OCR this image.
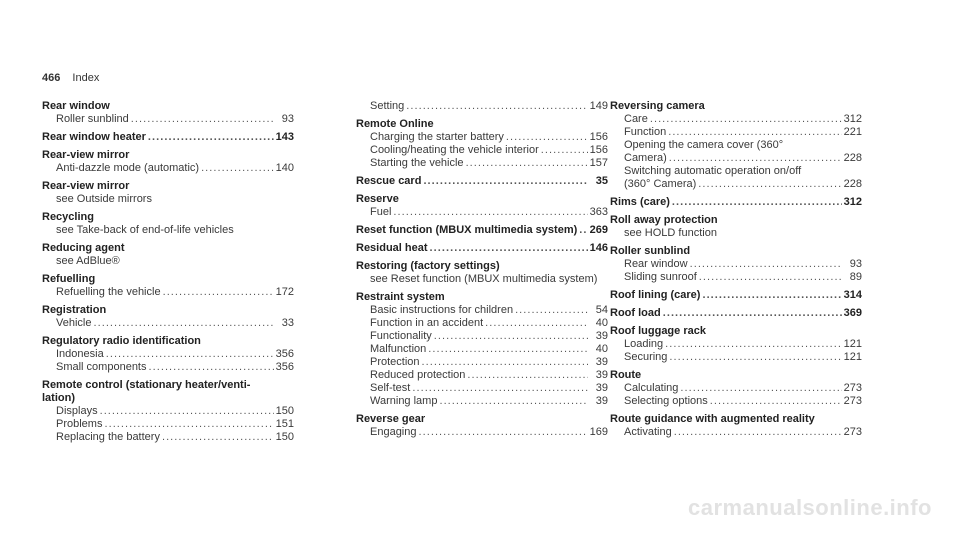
466 Index
Rear window
Roller sunblind . . .	93
Rear window heater . . .	143
Rear-view mirror
Anti-dazzle mode (automatic) . . .	140
Rear-view mirror
see Outside mirrors
Recycling
see Take-back of end-of-life vehicles
Reducing agent
see AdBlue®
Refuelling
Refuelling the vehicle . . .	172
Registration
Vehicle . . .	33
Regulatory radio identification
Indonesia . . .	356
Small components . . .	356
Remote control (stationary heater/venti-
lation)
Displays . . .	150
Problems . . .	151
Replacing the battery . . .	150
Setting . . .	149
Remote Online
Charging the starter battery . . .	156
Cooling/heating the vehicle interior . . .	156
Starting the vehicle . . .	157
Rescue card . . .	35
Reserve
Fuel . . .	363
Reset function (MBUX multimedia system) . . . 269
Residual heat . . .	146
Restoring (factory settings)
see Reset function (MBUX multimedia system)
Restraint system
Basic instructions for children . . .	54
Function in an accident . . .	40
Functionality . . .	39
Malfunction . . .	40
Protection . . .	39
Reduced protection . . .	39
Self-test . . .	39
Warning lamp . . .	39
Reverse gear
Engaging . . .	169
Reversing camera
Care . . .	312
Function . . .	221
Opening the camera cover (360°
Camera) . . .	228
Switching automatic operation on/off
(360° Camera) . . .	228
Rims (care) . . .	312
Roll away protection
see HOLD function
Roller sunblind
Rear window . . .	93
Sliding sunroof . . .	89
Roof lining (care) . . .	314
Roof load . . .	369
Roof luggage rack
Loading . . .	121
Securing . . .	121
Route
Calculating . . .	273
Selecting options . . .	273
Route guidance with augmented reality
Activating . . .	273
carmanualsonline.info
